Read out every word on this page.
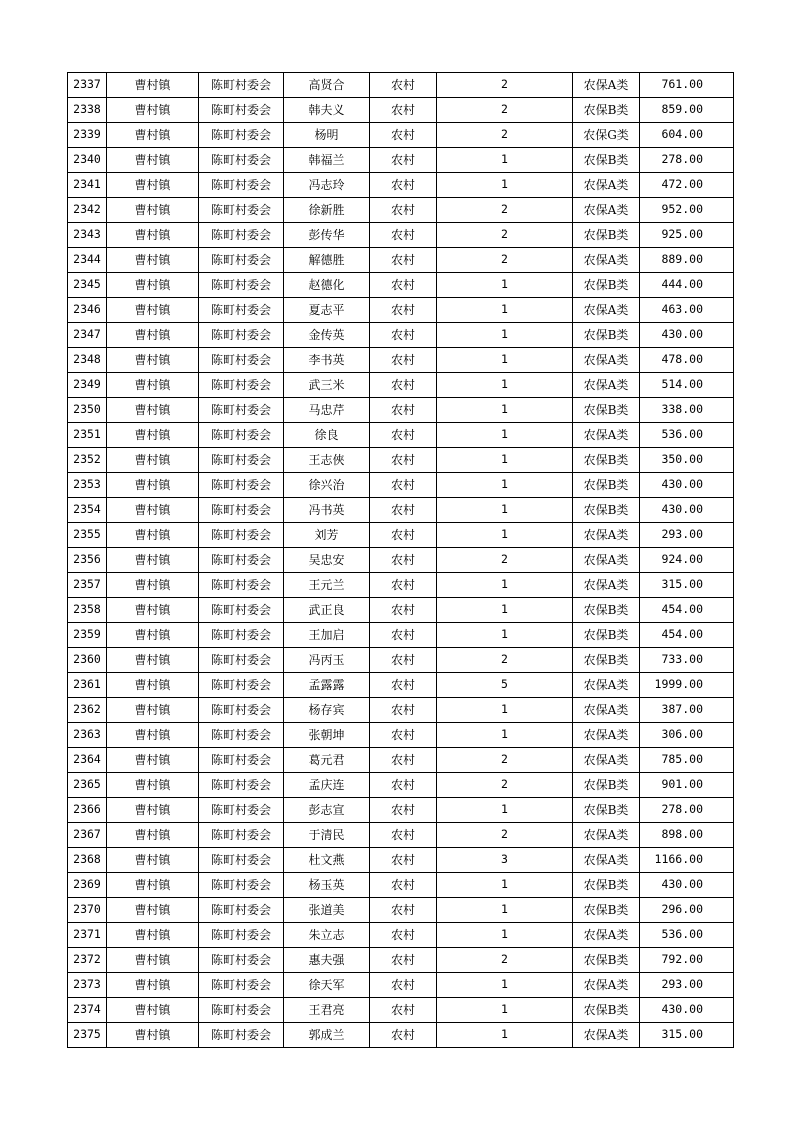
2337	曹村镇	陈町村委会	高贤合	农村	2	农保A类	761.00
2338	曹村镇	陈町村委会	韩夫义	农村	2	农保B类	859.00
2339	曹村镇	陈町村委会	杨明	农村	2	农保G类	604.00
2340	曹村镇	陈町村委会	韩福兰	农村	1	农保B类	278.00
2341	曹村镇	陈町村委会	冯志玲	农村	1	农保A类	472.00
2342	曹村镇	陈町村委会	徐新胜	农村	2	农保A类	952.00
2343	曹村镇	陈町村委会	彭传华	农村	2	农保B类	925.00
2344	曹村镇	陈町村委会	解德胜	农村	2	农保A类	889.00
2345	曹村镇	陈町村委会	赵德化	农村	1	农保B类	444.00
2346	曹村镇	陈町村委会	夏志平	农村	1	农保A类	463.00
2347	曹村镇	陈町村委会	金传英	农村	1	农保B类	430.00
2348	曹村镇	陈町村委会	李书英	农村	1	农保A类	478.00
2349	曹村镇	陈町村委会	武三米	农村	1	农保A类	514.00
2350	曹村镇	陈町村委会	马忠芹	农村	1	农保B类	338.00
2351	曹村镇	陈町村委会	徐良	农村	1	农保A类	536.00
2352	曹村镇	陈町村委会	王志俠	农村	1	农保B类	350.00
2353	曹村镇	陈町村委会	徐兴治	农村	1	农保B类	430.00
2354	曹村镇	陈町村委会	冯书英	农村	1	农保B类	430.00
2355	曹村镇	陈町村委会	刘芳	农村	1	农保A类	293.00
2356	曹村镇	陈町村委会	吴忠安	农村	2	农保A类	924.00
2357	曹村镇	陈町村委会	王元兰	农村	1	农保A类	315.00
2358	曹村镇	陈町村委会	武正良	农村	1	农保B类	454.00
2359	曹村镇	陈町村委会	王加启	农村	1	农保B类	454.00
2360	曹村镇	陈町村委会	冯丙玉	农村	2	农保B类	733.00
2361	曹村镇	陈町村委会	孟露露	农村	5	农保A类	1999.00
2362	曹村镇	陈町村委会	杨存宾	农村	1	农保A类	387.00
2363	曹村镇	陈町村委会	张朝坤	农村	1	农保A类	306.00
2364	曹村镇	陈町村委会	葛元君	农村	2	农保A类	785.00
2365	曹村镇	陈町村委会	孟庆连	农村	2	农保B类	901.00
2366	曹村镇	陈町村委会	彭志宣	农村	1	农保B类	278.00
2367	曹村镇	陈町村委会	于清民	农村	2	农保A类	898.00
2368	曹村镇	陈町村委会	杜文燕	农村	3	农保A类	1166.00
2369	曹村镇	陈町村委会	杨玉英	农村	1	农保B类	430.00
2370	曹村镇	陈町村委会	张道美	农村	1	农保B类	296.00
2371	曹村镇	陈町村委会	朱立志	农村	1	农保A类	536.00
2372	曹村镇	陈町村委会	惠夫强	农村	2	农保B类	792.00
2373	曹村镇	陈町村委会	徐天军	农村	1	农保A类	293.00
2374	曹村镇	陈町村委会	王君亮	农村	1	农保B类	430.00
2375	曹村镇	陈町村委会	郭成兰	农村	1	农保A类	315.00
